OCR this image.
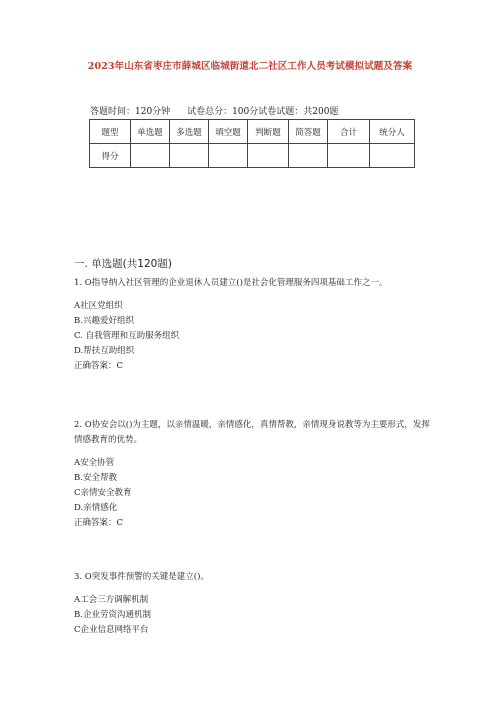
2023年山东省枣庄市薛城区临城街道北二社区工作人员考试模拟试题及答案
答题时间：120分钟 试卷总分：100分试卷试题：共200题
题型	单选题	多选题	填空题	判断题	简答题	合计	统分人
得分							
一. 单选题(共120题)
1. O指导纳入社区管理的企业退休人员建立()是社会化管理服务四项基础工作之一。
A社区党组织
B.兴趣爱好组织
C. 自我管理和互助服务组织
D.帮扶互助组织
正确答案：C
2. O协安会以()为主题，以亲情温暖，亲情感化，真情帮教，亲情现身说教等为主要形式，发挥情感教育的优势。
A安全协管
B.安全帮教
C亲情安全教育
D.亲情感化
正确答案：C
3. O突发事件预警的关键是建立()。
A工会三方调解机制
B.企业劳资沟通机制
C企业信息网络平台
